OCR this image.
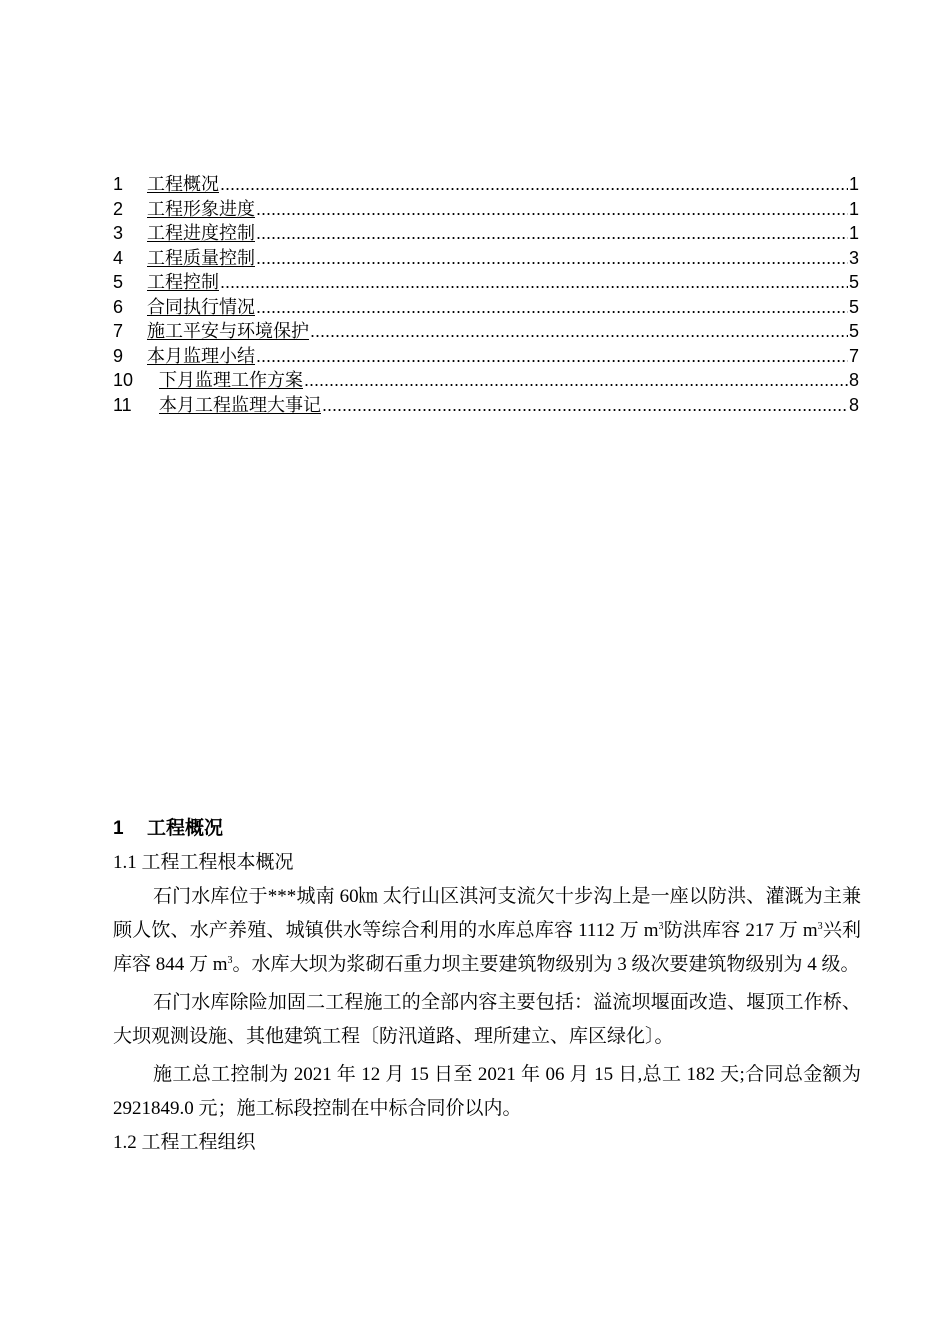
1	工程概况 .....	1
2	工程形象进度 .....	1
3	工程进度控制 .....	1
4	工程质量控制 .....	3
5	工程控制 .....	5
6	合同执行情况 .....	5
7	施工平安与环境保护 .....	5
9	本月监理小结 .....	7
10	下月监理工作方案 .....	8
11	本月工程监理大事记 .....	8
1 工程概况
1.1 工程工程根本概况

石门水库位于***城南 60㎞ 太行山区淇河支流欠十步沟上是一座以防洪、灌溉为主兼顾人饮、水产养殖、城镇供水等综合利用的水库总库容 1112 万 $m^3$防洪库容 217 万 $m^3$兴利库容 844 万 $m^3$。水库大坝为浆砌石重力坝主要建筑物级别为 3 级次要建筑物级别为 4 级。

石门水库除险加固二工程施工的全部内容主要包括：溢流坝堰面改造、堰顶工作桥、大坝观测设施、其他建筑工程〔防汛道路、理所建立、库区绿化〕。

施工总工控制为 2021 年 12 月 15 日至 2021 年 06 月 15 日,总工 182 天;合同总金额为 2921849.0 元；施工标段控制在中标合同价以内。

1.2 工程工程组织
